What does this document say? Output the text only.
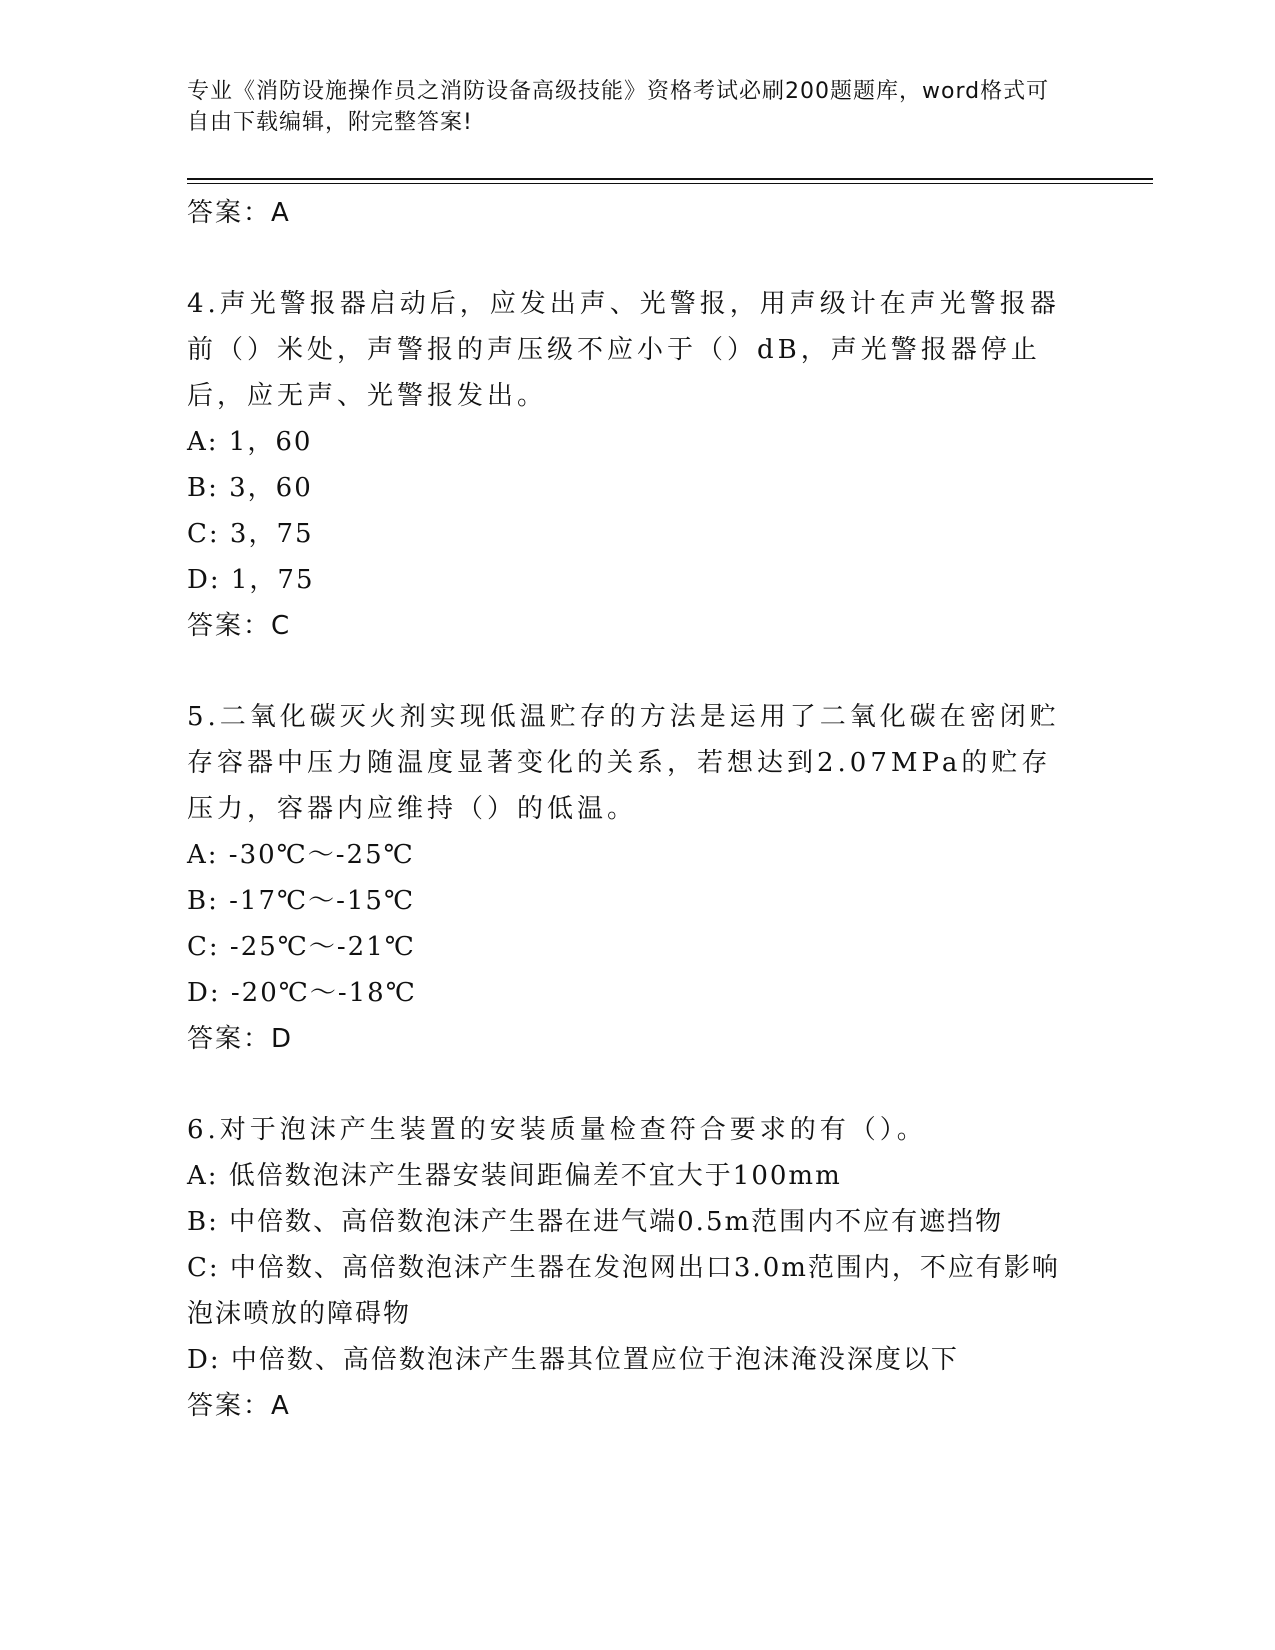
专业《消防设施操作员之消防设备高级技能》资格考试必刷200题题库，word格式可自由下载编辑，附完整答案!
答案：A
4.声光警报器启动后，应发出声、光警报，用声级计在声光警报器前（）米处，声警报的声压级不应小于（）dB，声光警报器停止后，应无声、光警报发出。
A: 1，60
B: 3，60
C: 3，75
D: 1，75
答案：C
5.二氧化碳灭火剂实现低温贮存的方法是运用了二氧化碳在密闭贮存容器中压力随温度显著变化的关系，若想达到2.07MPa的贮存压力，容器内应维持（）的低温。
A: -30℃～-25℃
B: -17℃～-15℃
C: -25℃～-21℃
D: -20℃～-18℃
答案：D
6.对于泡沫产生装置的安装质量检查符合要求的有（）。
A: 低倍数泡沫产生器安装间距偏差不宜大于100mm
B: 中倍数、高倍数泡沫产生器在进气端0.5m范围内不应有遮挡物
C: 中倍数、高倍数泡沫产生器在发泡网出口3.0m范围内，不应有影响泡沫喷放的障碍物
D: 中倍数、高倍数泡沫产生器其位置应位于泡沫淹没深度以下
答案：A
